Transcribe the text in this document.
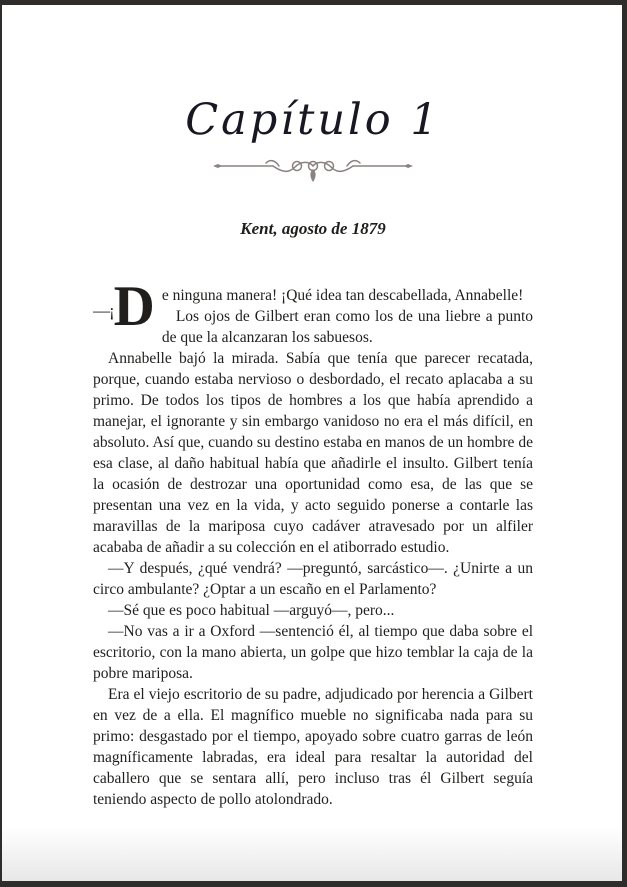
Capítulo 1
Kent, agosto de 1879

—¡ D e ninguna manera! ¡Qué idea tan descabellada, Annabelle!

Los ojos de Gilbert eran como los de una liebre a punto de que la alcanzaran los sabuesos.

Annabelle bajó la mirada. Sabía que tenía que parecer recatada, porque, cuando estaba nervioso o desbordado, el recato aplacaba a su primo. De todos los tipos de hombres a los que había aprendido a manejar, el ignorante y sin embargo vanidoso no era el más difícil, en absoluto. Así que, cuando su destino estaba en manos de un hombre de esa clase, al daño habitual había que añadirle el insulto. Gilbert tenía la ocasión de destrozar una oportunidad como esa, de las que se presentan una vez en la vida, y acto seguido ponerse a contarle las maravillas de la mariposa cuyo cadáver atravesado por un alfiler acababa de añadir a su colección en el atiborrado estudio.

—Y después, ¿qué vendrá? —preguntó, sarcástico—. ¿Unirte a un circo ambulante? ¿Optar a un escaño en el Parlamento?

—Sé que es poco habitual —arguyó—, pero...

—No vas a ir a Oxford —sentenció él, al tiempo que daba sobre el escritorio, con la mano abierta, un golpe que hizo temblar la caja de la pobre mariposa.

Era el viejo escritorio de su padre, adjudicado por herencia a Gilbert en vez de a ella. El magnífico mueble no significaba nada para su primo: desgastado por el tiempo, apoyado sobre cuatro garras de león magníficamente labradas, era ideal para resaltar la autoridad del caballero que se sentara allí, pero incluso tras él Gilbert seguía teniendo aspecto de pollo atolondrado.
